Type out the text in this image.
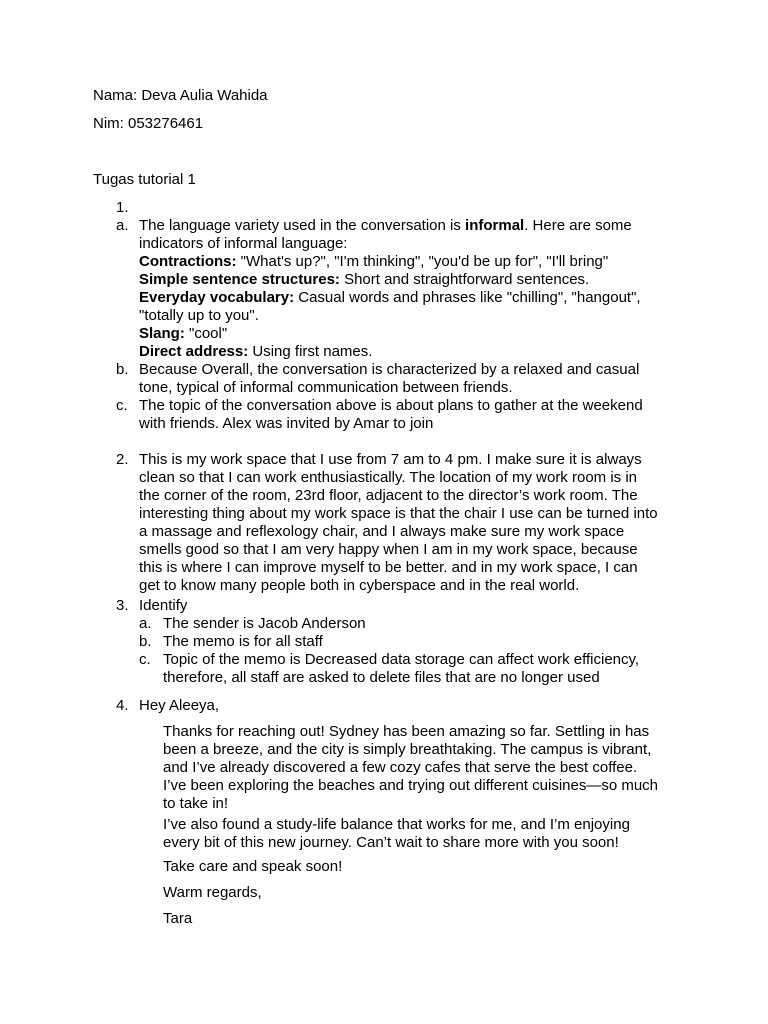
Nama: Deva Aulia Wahida
Nim: 053276461
Tugas tutorial 1
1.
a. The language variety used in the conversation is informal. Here are some
indicators of informal language:
Contractions: "What's up?", "I'm thinking", "you'd be up for", "I'll bring"
Simple sentence structures: Short and straightforward sentences.
Everyday vocabulary: Casual words and phrases like "chilling", "hangout",
"totally up to you".
Slang: "cool"
Direct address: Using first names.
b. Because Overall, the conversation is characterized by a relaxed and casual
tone, typical of informal communication between friends.
c. The topic of the conversation above is about plans to gather at the weekend
with friends. Alex was invited by Amar to join
2. This is my work space that I use from 7 am to 4 pm. I make sure it is always
clean so that I can work enthusiastically. The location of my work room is in
the corner of the room, 23rd floor, adjacent to the director’s work room. The
interesting thing about my work space is that the chair I use can be turned into
a massage and reflexology chair, and I always make sure my work space
smells good so that I am very happy when I am in my work space, because
this is where I can improve myself to be better. and in my work space, I can
get to know many people both in cyberspace and in the real world.
3. Identify
a. The sender is Jacob Anderson
b. The memo is for all staff
c. Topic of the memo is Decreased data storage can affect work efficiency,
therefore, all staff are asked to delete files that are no longer used
4. Hey Aleeya,
Thanks for reaching out! Sydney has been amazing so far. Settling in has
been a breeze, and the city is simply breathtaking. The campus is vibrant,
and I’ve already discovered a few cozy cafes that serve the best coffee.
I’ve been exploring the beaches and trying out different cuisines—so much
to take in!
I’ve also found a study-life balance that works for me, and I’m enjoying
every bit of this new journey. Can’t wait to share more with you soon!
Take care and speak soon!
Warm regards,
Tara
